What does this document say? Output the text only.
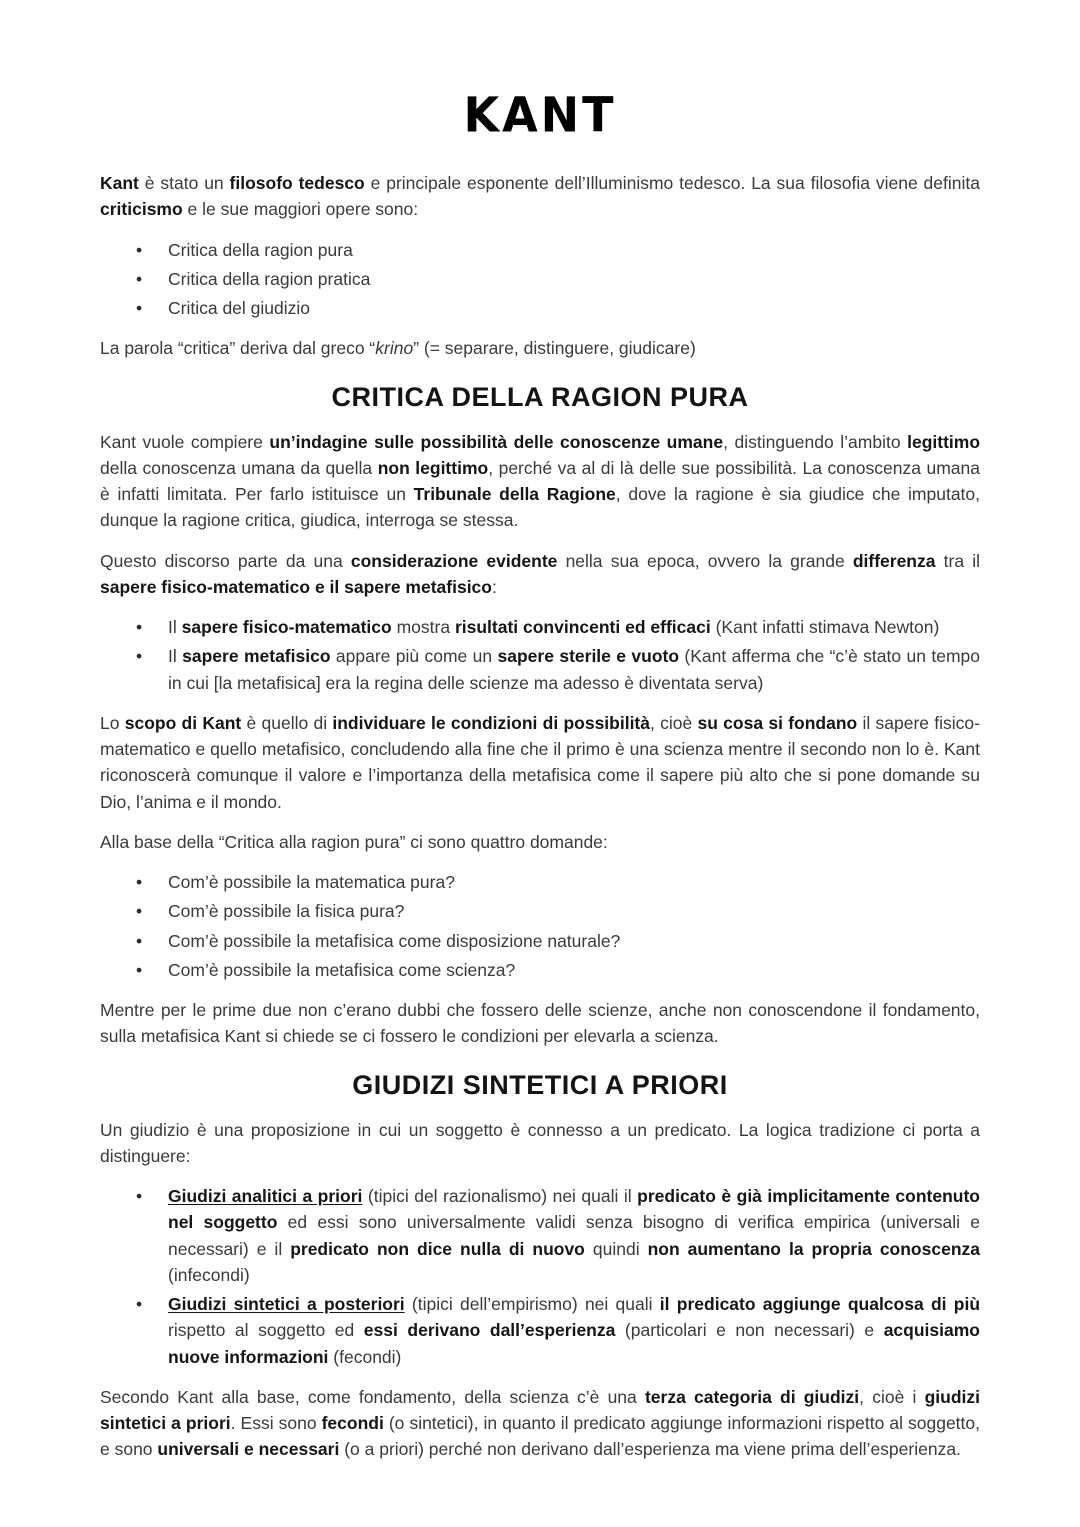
KANT

Kant è stato un filosofo tedesco e principale esponente dell’Illuminismo tedesco. La sua filosofia viene definita criticismo e le sue maggiori opere sono:

• Critica della ragion pura
• Critica della ragion pratica
• Critica del giudizio

La parola “critica” deriva dal greco “krino” (= separare, distinguere, giudicare)

CRITICA DELLA RAGION PURA

Kant vuole compiere un’indagine sulle possibilità delle conoscenze umane, distinguendo l’ambito legittimo della conoscenza umana da quella non legittimo, perché va al di là delle sue possibilità. La conoscenza umana è infatti limitata. Per farlo istituisce un Tribunale della Ragione, dove la ragione è sia giudice che imputato, dunque la ragione critica, giudica, interroga se stessa.

Questo discorso parte da una considerazione evidente nella sua epoca, ovvero la grande differenza tra il sapere fisico-matematico e il sapere metafisico:

• Il sapere fisico-matematico mostra risultati convincenti ed efficaci (Kant infatti stimava Newton)
• Il sapere metafisico appare più come un sapere sterile e vuoto (Kant afferma che “c’è stato un tempo in cui [la metafisica] era la regina delle scienze ma adesso è diventata serva)

Lo scopo di Kant è quello di individuare le condizioni di possibilità, cioè su cosa si fondano il sapere fisico-matematico e quello metafisico, concludendo alla fine che il primo è una scienza mentre il secondo non lo è. Kant riconoscerà comunque il valore e l’importanza della metafisica come il sapere più alto che si pone domande su Dio, l’anima e il mondo.

Alla base della “Critica alla ragion pura” ci sono quattro domande:

• Com’è possibile la matematica pura?
• Com’è possibile la fisica pura?
• Com’è possibile la metafisica come disposizione naturale?
• Com’è possibile la metafisica come scienza?

Mentre per le prime due non c’erano dubbi che fossero delle scienze, anche non conoscendone il fondamento, sulla metafisica Kant si chiede se ci fossero le condizioni per elevarla a scienza.

GIUDIZI SINTETICI A PRIORI

Un giudizio è una proposizione in cui un soggetto è connesso a un predicato. La logica tradizione ci porta a distinguere:

• Giudizi analitici a priori (tipici del razionalismo) nei quali il predicato è già implicitamente contenuto nel soggetto ed essi sono universalmente validi senza bisogno di verifica empirica (universali e necessari) e il predicato non dice nulla di nuovo quindi non aumentano la propria conoscenza (infecondi)
• Giudizi sintetici a posteriori (tipici dell’empirismo) nei quali il predicato aggiunge qualcosa di più rispetto al soggetto ed essi derivano dall’esperienza (particolari e non necessari) e acquisiamo nuove informazioni (fecondi)

Secondo Kant alla base, come fondamento, della scienza c’è una terza categoria di giudizi, cioè i giudizi sintetici a priori. Essi sono fecondi (o sintetici), in quanto il predicato aggiunge informazioni rispetto al soggetto, e sono universali e necessari (o a priori) perché non derivano dall’esperienza ma viene prima dell’esperienza.
